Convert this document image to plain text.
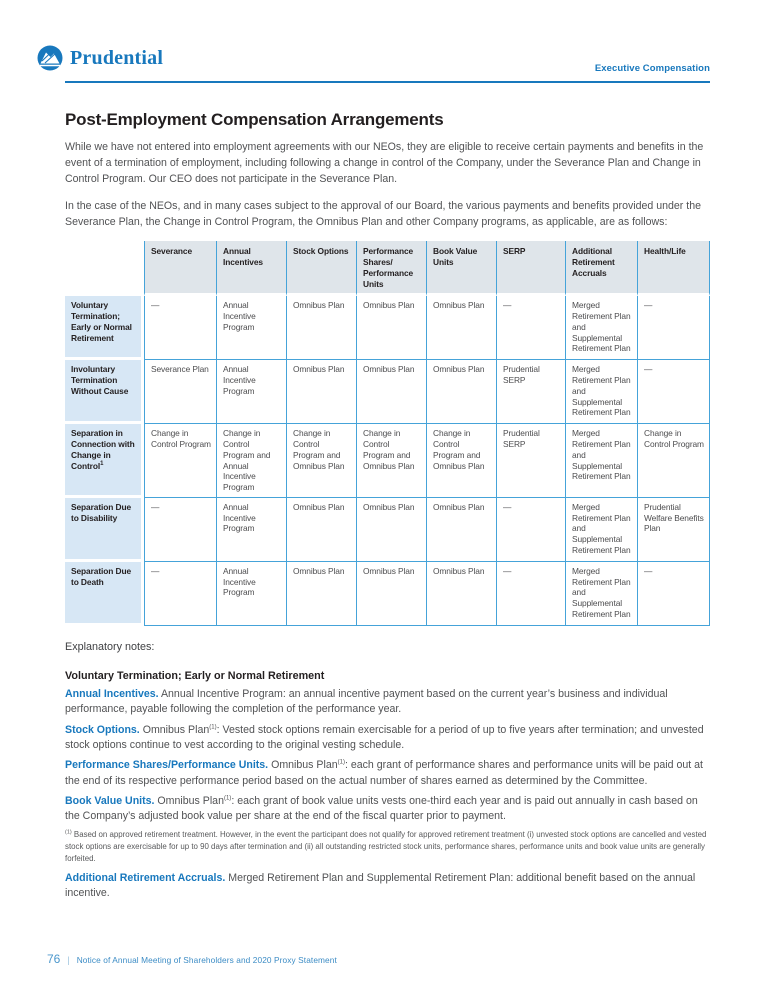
Prudential	Executive Compensation
Post-Employment Compensation Arrangements

While we have not entered into employment agreements with our NEOs, they are eligible to receive certain payments and benefits in the event of a termination of employment, including following a change in control of the Company, under the Severance Plan and Change in Control Program. Our CEO does not participate in the Severance Plan.

In the case of the NEOs, and in many cases subject to the approval of our Board, the various payments and benefits provided under the Severance Plan, the Change in Control Program, the Omnibus Plan and other Company programs, as applicable, are as follows:

	Severance	Annual Incentives	Stock Options	Performance Shares/ Performance Units	Book Value Units	SERP	Additional Retirement Accruals	Health/Life
Voluntary Termination; Early or Normal Retirement	—	Annual Incentive Program	Omnibus Plan	Omnibus Plan	Omnibus Plan	—	Merged Retirement Plan and Supplemental Retirement Plan	—
Involuntary Termination Without Cause	Severance Plan	Annual Incentive Program	Omnibus Plan	Omnibus Plan	Omnibus Plan	Prudential SERP	Merged Retirement Plan and Supplemental Retirement Plan	—
Separation in Connection with Change in Control$^1$	Change in Control Program	Change in Control Program and Annual Incentive Program	Change in Control Program and Omnibus Plan	Change in Control Program and Omnibus Plan	Change in Control Program and Omnibus Plan	Prudential SERP	Merged Retirement Plan and Supplemental Retirement Plan	Change in Control Program
Separation Due to Disability	—	Annual Incentive Program	Omnibus Plan	Omnibus Plan	Omnibus Plan	—	Merged Retirement Plan and Supplemental Retirement Plan	Prudential Welfare Benefits Plan
Separation Due to Death	—	Annual Incentive Program	Omnibus Plan	Omnibus Plan	Omnibus Plan	—	Merged Retirement Plan and Supplemental Retirement Plan	—

Explanatory notes:

Voluntary Termination; Early or Normal Retirement

Annual Incentives. Annual Incentive Program: an annual incentive payment based on the current year’s business and individual performance, payable following the completion of the performance year.

Stock Options. Omnibus Plan$^{(1)}$: Vested stock options remain exercisable for a period of up to five years after termination; and unvested stock options continue to vest according to the original vesting schedule.

Performance Shares/Performance Units. Omnibus Plan$^{(1)}$: each grant of performance shares and performance units will be paid out at the end of its respective performance period based on the actual number of shares earned as determined by the Committee.

Book Value Units. Omnibus Plan$^{(1)}$: each grant of book value units vests one-third each year and is paid out annually in cash based on the Company’s adjusted book value per share at the end of the fiscal quarter prior to payment.

$^{(1)}$ Based on approved retirement treatment. However, in the event the participant does not qualify for approved retirement treatment (i) unvested stock options are cancelled and vested stock options are exercisable for up to 90 days after termination and (ii) all outstanding restricted stock units, performance shares, performance units and book value units are generally forfeited.

Additional Retirement Accruals. Merged Retirement Plan and Supplemental Retirement Plan: additional benefit based on the annual incentive.

76 | Notice of Annual Meeting of Shareholders and 2020 Proxy Statement
